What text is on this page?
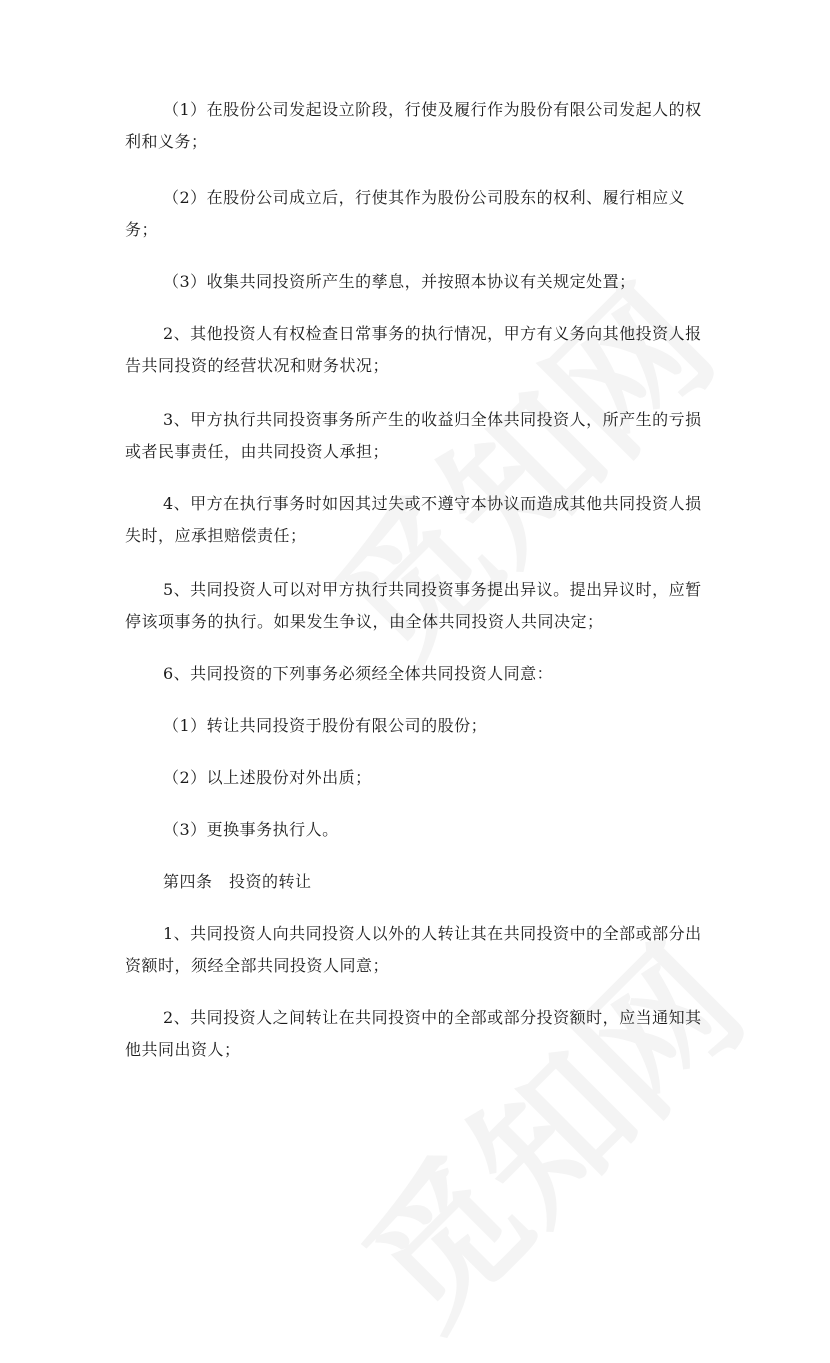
（1）在股份公司发起设立阶段，行使及履行作为股份有限公司发起人的权利和义务；

（2）在股份公司成立后，行使其作为股份公司股东的权利、履行相应义务；

（3）收集共同投资所产生的孳息，并按照本协议有关规定处置；

2、其他投资人有权检查日常事务的执行情况，甲方有义务向其他投资人报告共同投资的经营状况和财务状况；

3、甲方执行共同投资事务所产生的收益归全体共同投资人，所产生的亏损或者民事责任，由共同投资人承担；

4、甲方在执行事务时如因其过失或不遵守本协议而造成其他共同投资人损失时，应承担赔偿责任；

5、共同投资人可以对甲方执行共同投资事务提出异议。提出异议时，应暂停该项事务的执行。如果发生争议，由全体共同投资人共同决定；

6、共同投资的下列事务必须经全体共同投资人同意：

（1）转让共同投资于股份有限公司的股份；

（2）以上述股份对外出质；

（3）更换事务执行人。

第四条　投资的转让

1、共同投资人向共同投资人以外的人转让其在共同投资中的全部或部分出资额时，须经全部共同投资人同意；

2、共同投资人之间转让在共同投资中的全部或部分投资额时，应当通知其他共同出资人；
